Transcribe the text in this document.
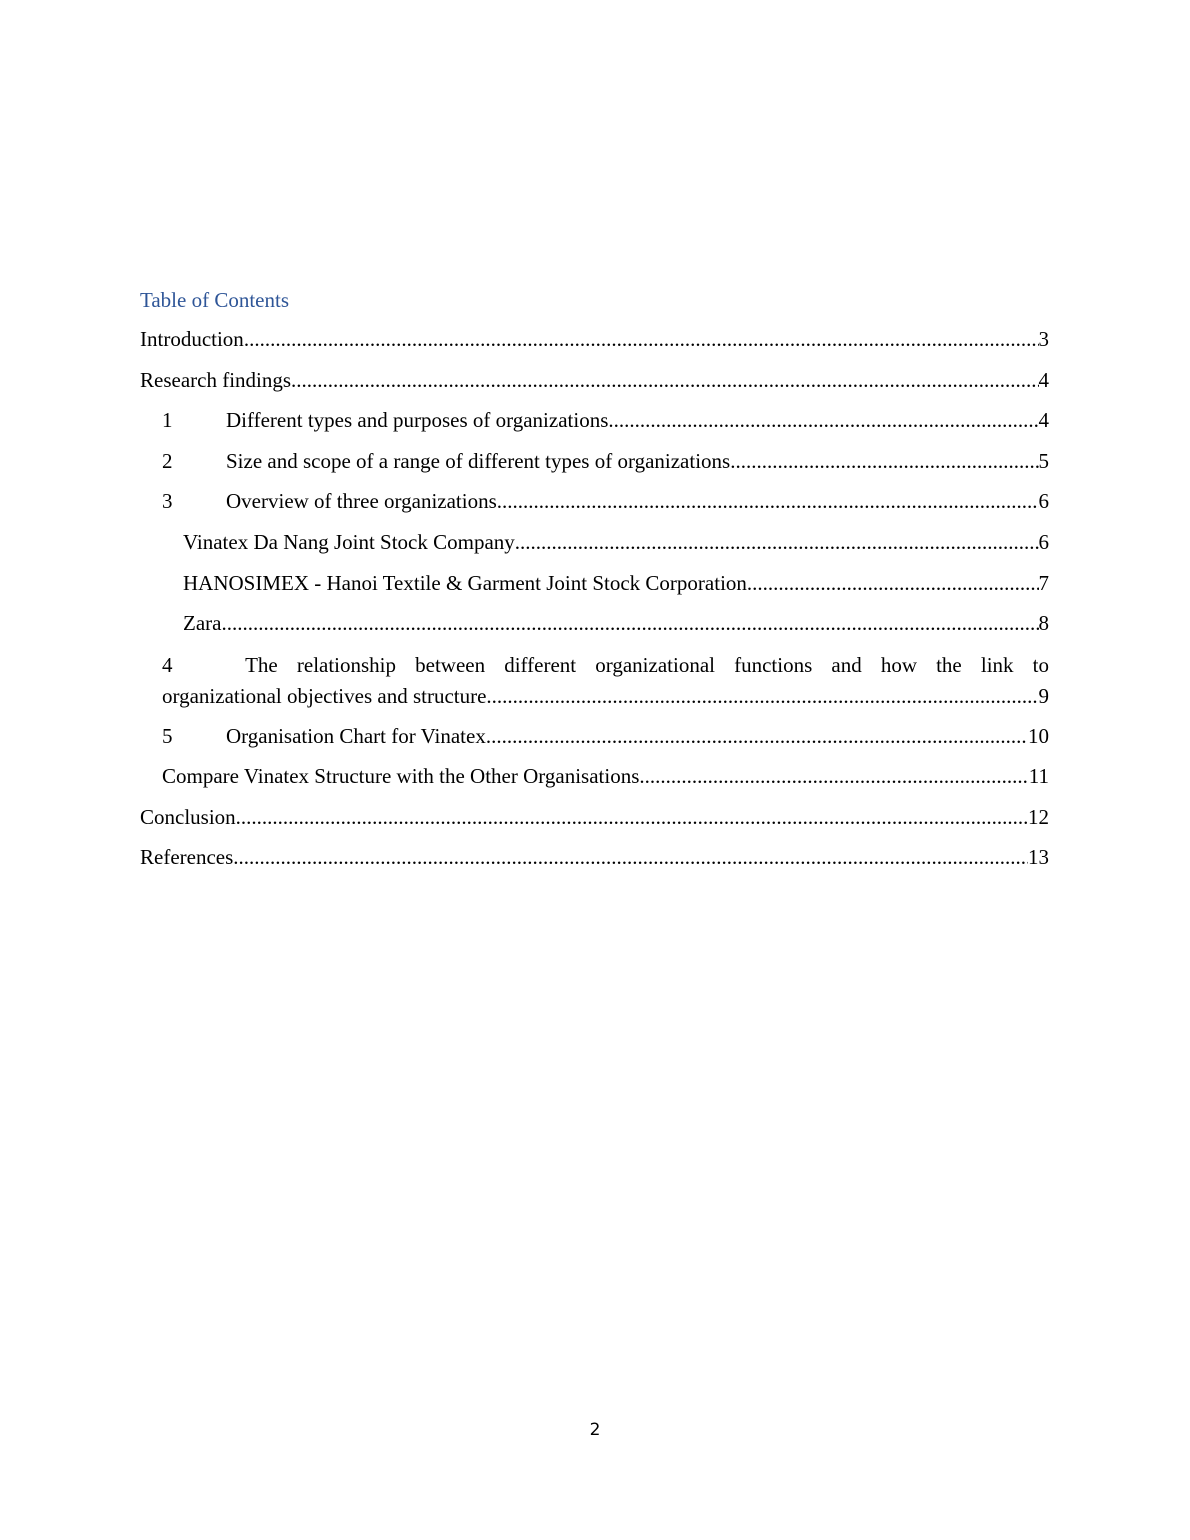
Table of Contents
Introduction .....	3
Research findings .....	4
1	Different types and purposes of organizations .....	4
2	Size and scope of a range of different types of organizations .....	5
3	Overview of three organizations .....	6
Vinatex Da Nang Joint Stock Company .....	6
HANOSIMEX - Hanoi Textile & Garment Joint Stock Corporation .....	7
Zara .....	8
4	The relationship between different organizational functions and how the link to
organizational objectives and structure .....	9
5	Organisation Chart for Vinatex .....	10
Compare Vinatex Structure with the Other Organisations .....	11
Conclusion .....	12
References .....	13
2
